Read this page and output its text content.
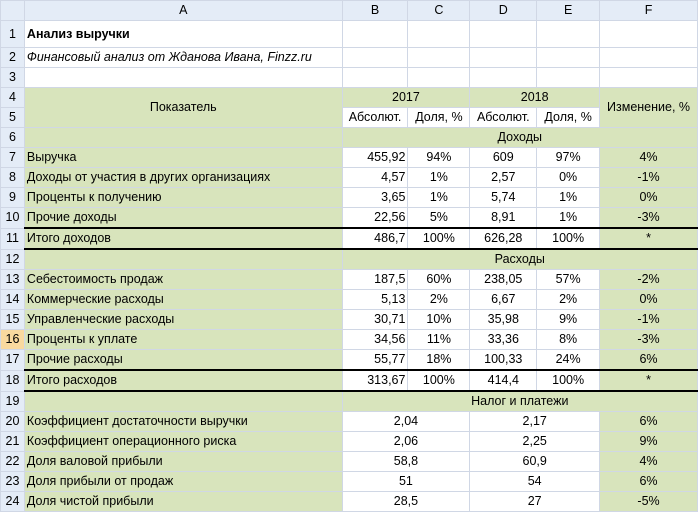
	A	B	C	D	E	F
1	Анализ выручки					
2	Финансовый анализ от Жданова Ивана, Finzz.ru					
3						
4	Показатель	2017		2018		Изменение, %
5		Абсолют.	Доля, %	Абсолют.	Доля, %	
6		Доходы				
7	Выручка	455,92	94%	609	97%	4%
8	Доходы от участия в других организациях	4,57	1%	2,57	0%	-1%
9	Проценты к получению	3,65	1%	5,74	1%	0%
10	Прочие доходы	22,56	5%	8,91	1%	-3%
11	Итого доходов	486,7	100%	626,28	100%	*
12		Расходы				
13	Себестоимость продаж	187,5	60%	238,05	57%	-2%
14	Коммерческие расходы	5,13	2%	6,67	2%	0%
15	Управленческие расходы	30,71	10%	35,98	9%	-1%
16	Проценты к уплате	34,56	11%	33,36	8%	-3%
17	Прочие расходы	55,77	18%	100,33	24%	6%
18	Итого расходов	313,67	100%	414,4	100%	*
19		Налог и платежи				
20	Коэффициент достаточности выручки	2,04		2,17		6%
21	Коэффициент операционного риска	2,06		2,25		9%
22	Доля валовой прибыли	58,8		60,9		4%
23	Доля прибыли от продаж	51		54		6%
24	Доля чистой прибыли	28,5		27		-5%
